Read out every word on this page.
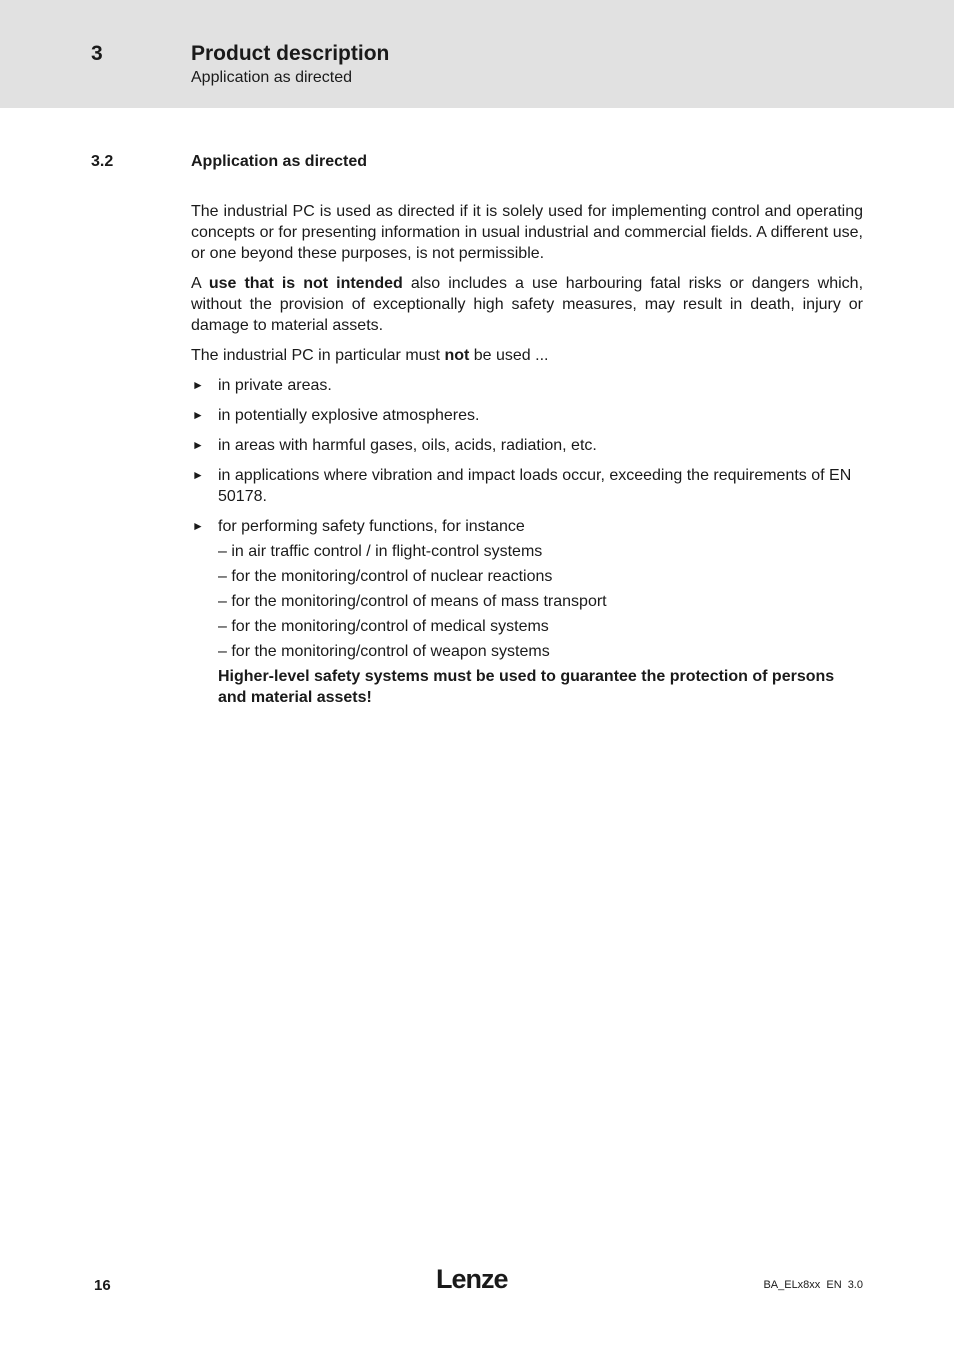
3	Product description
Application as directed
3.2	Application as directed

The industrial PC is used as directed if it is solely used for implementing control and operating concepts or for presenting information in usual industrial and commercial fields. A different use, or one beyond these purposes, is not permissible.

A use that is not intended also includes a use harbouring fatal risks or dangers which, without the provision of exceptionally high safety measures, may result in death, injury or damage to material assets.

The industrial PC in particular must not be used ...

► in private areas.
► in potentially explosive atmospheres.
► in areas with harmful gases, oils, acids, radiation, etc.
► in applications where vibration and impact loads occur, exceeding the requirements of EN 50178.
► for performing safety functions, for instance
– in air traffic control / in flight-control systems
– for the monitoring/control of nuclear reactions
– for the monitoring/control of means of mass transport
– for the monitoring/control of medical systems
– for the monitoring/control of weapon systems
Higher-level safety systems must be used to guarantee the protection of persons and material assets!
16	Lenze	BA_ELx8xx EN 3.0
